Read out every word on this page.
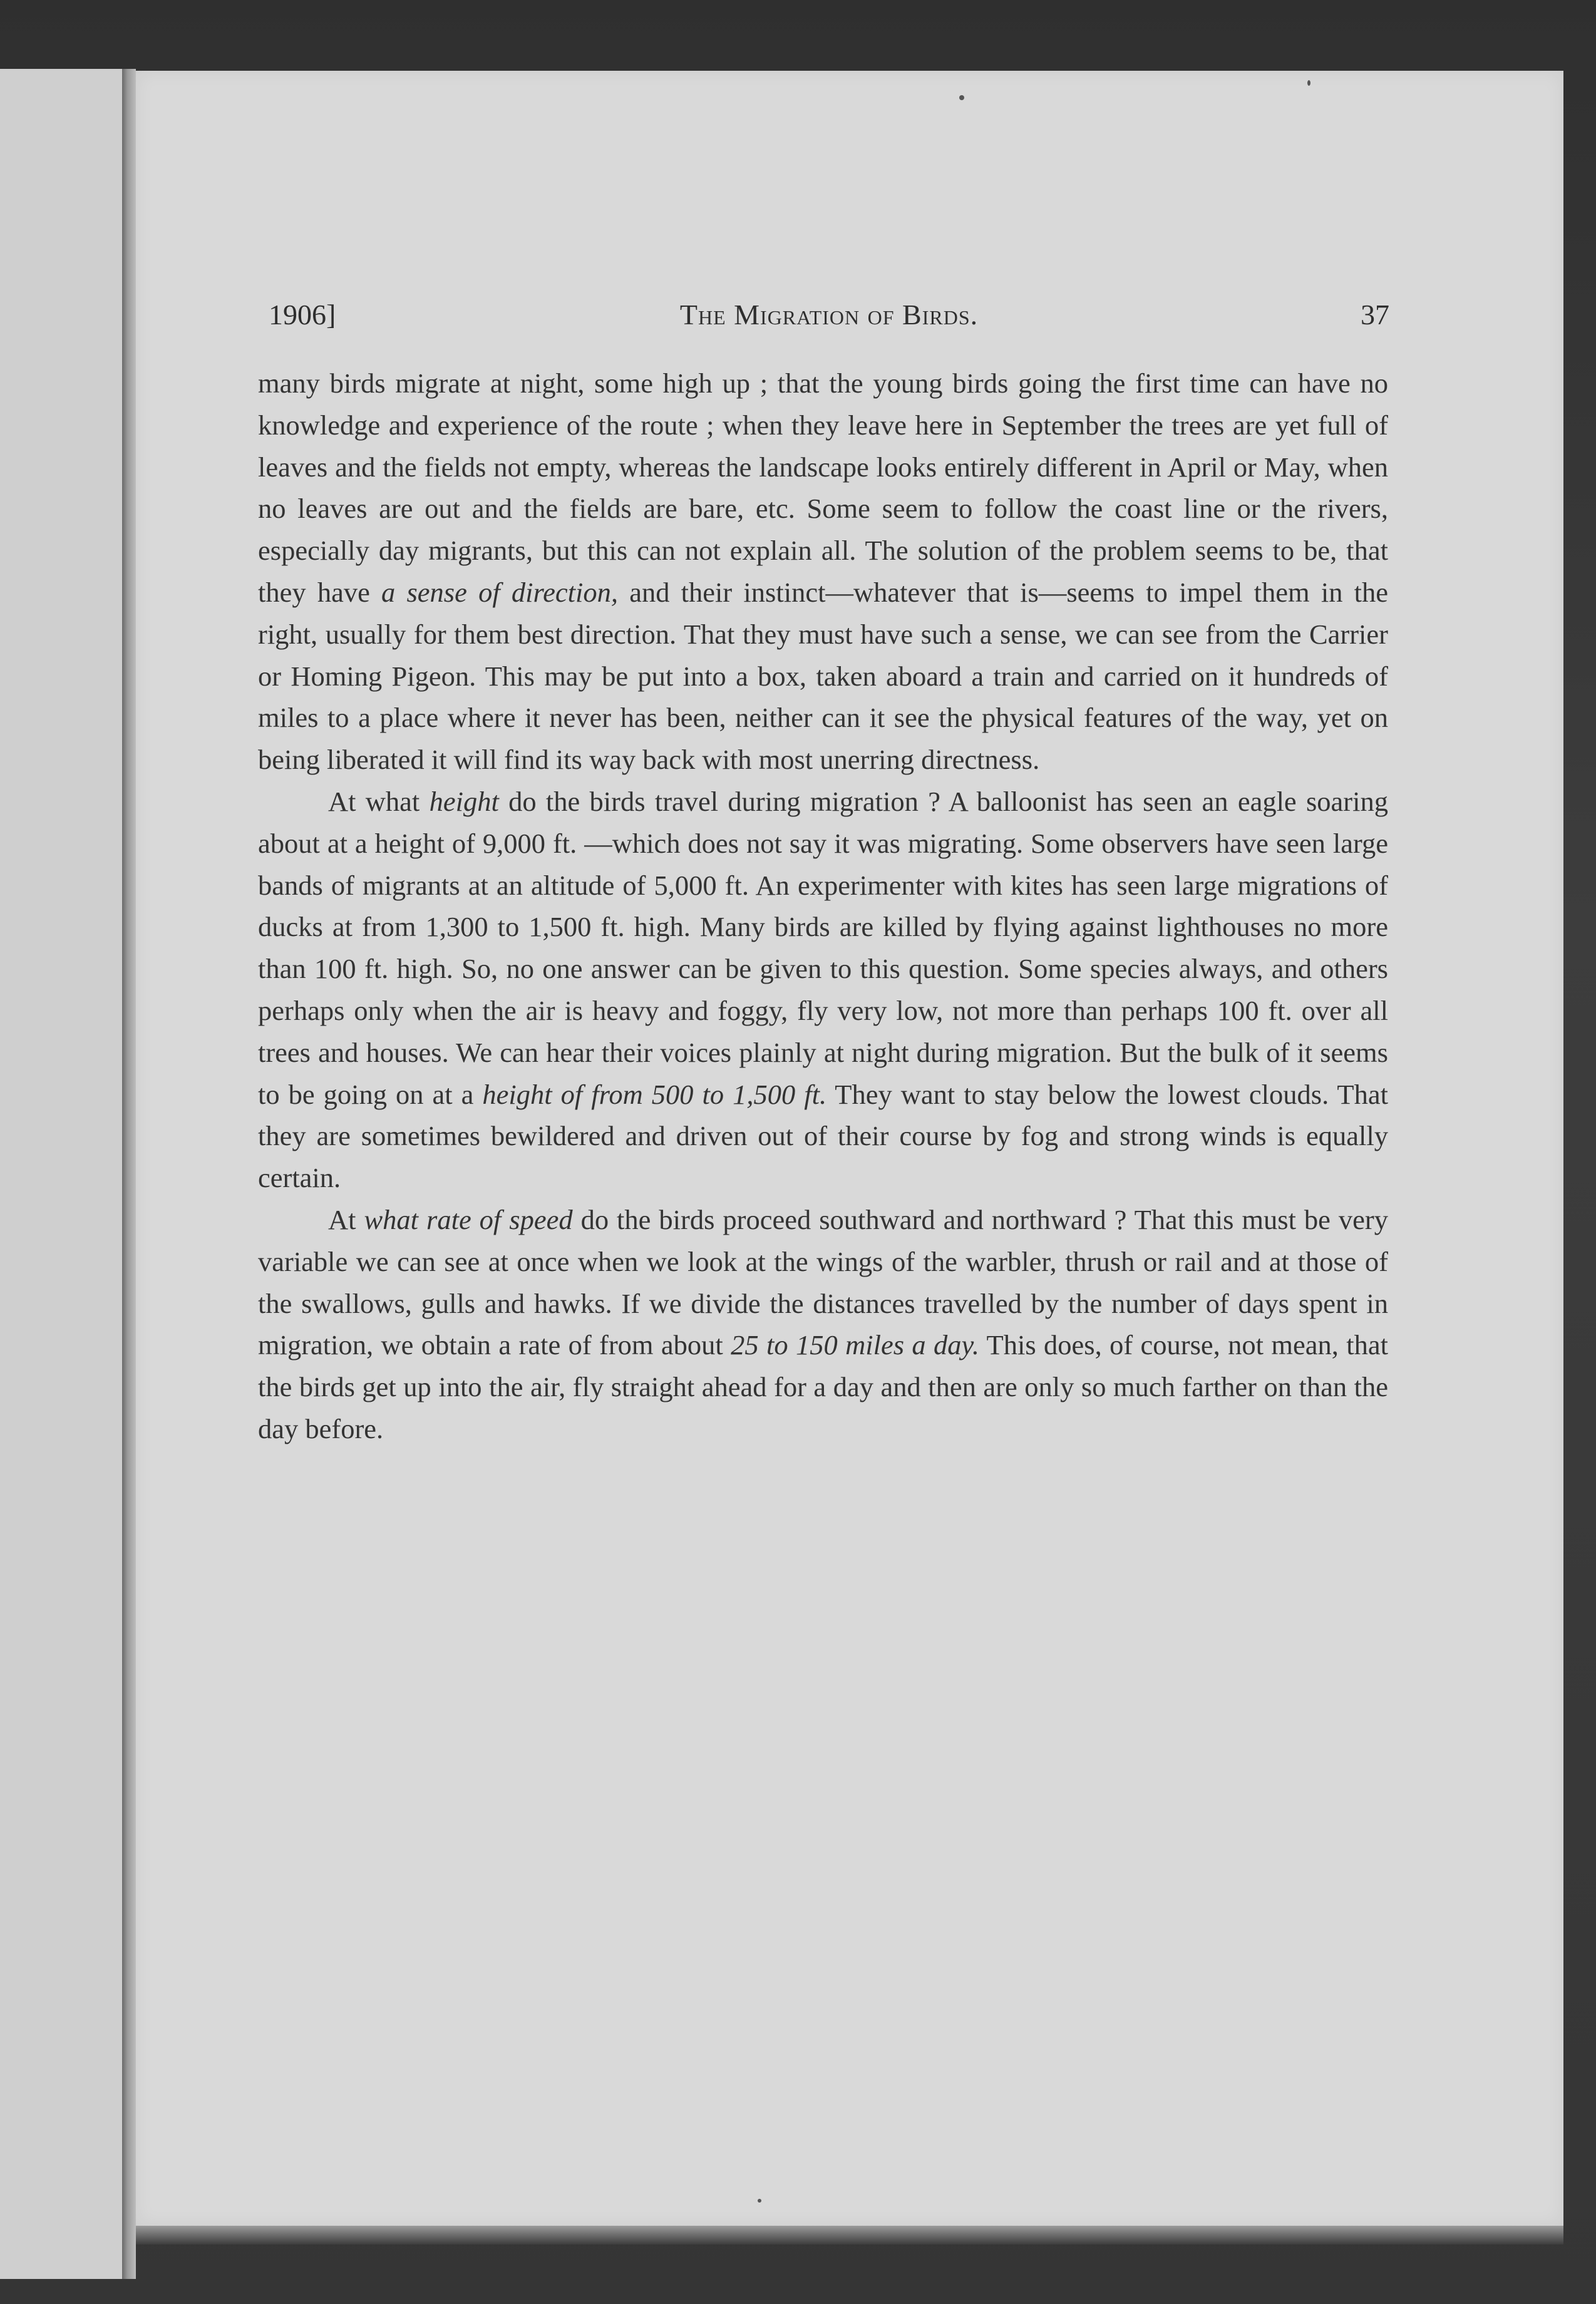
1906]	The Migration of Birds.	37

many birds migrate at night, some high up ; that the young birds going the first time can have no knowledge and experience of the route ; when they leave here in September the trees are yet full of leaves and the fields not empty, whereas the landscape looks entirely different in April or May, when no leaves are out and the fields are bare, etc. Some seem to follow the coast line or the rivers, especially day migrants, but this can not explain all. The solution of the problem seems to be, that they have a sense of direction, and their instinct—whatever that is—seems to impel them in the right, usually for them best direction. That they must have such a sense, we can see from the Carrier or Homing Pigeon. This may be put into a box, taken aboard a train and carried on it hundreds of miles to a place where it never has been, neither can it see the physical features of the way, yet on being liberated it will find its way back with most unerring directness.

At what height do the birds travel during migration ? A balloonist has seen an eagle soaring about at a height of 9,000 ft. —which does not say it was migrating. Some observers have seen large bands of migrants at an altitude of 5,000 ft. An experimenter with kites has seen large migrations of ducks at from 1,300 to 1,500 ft. high. Many birds are killed by flying against lighthouses no more than 100 ft. high. So, no one answer can be given to this question. Some species always, and others perhaps only when the air is heavy and foggy, fly very low, not more than perhaps 100 ft. over all trees and houses. We can hear their voices plainly at night during migration. But the bulk of it seems to be going on at a height of from 500 to 1,500 ft. They want to stay below the lowest clouds. That they are sometimes bewildered and driven out of their course by fog and strong winds is equally certain.

At what rate of speed do the birds proceed southward and northward ? That this must be very variable we can see at once when we look at the wings of the warbler, thrush or rail and at those of the swallows, gulls and hawks. If we divide the distances travelled by the number of days spent in migration, we obtain a rate of from about 25 to 150 miles a day. This does, of course, not mean, that the birds get up into the air, fly straight ahead for a day and then are only so much farther on than the day before.
